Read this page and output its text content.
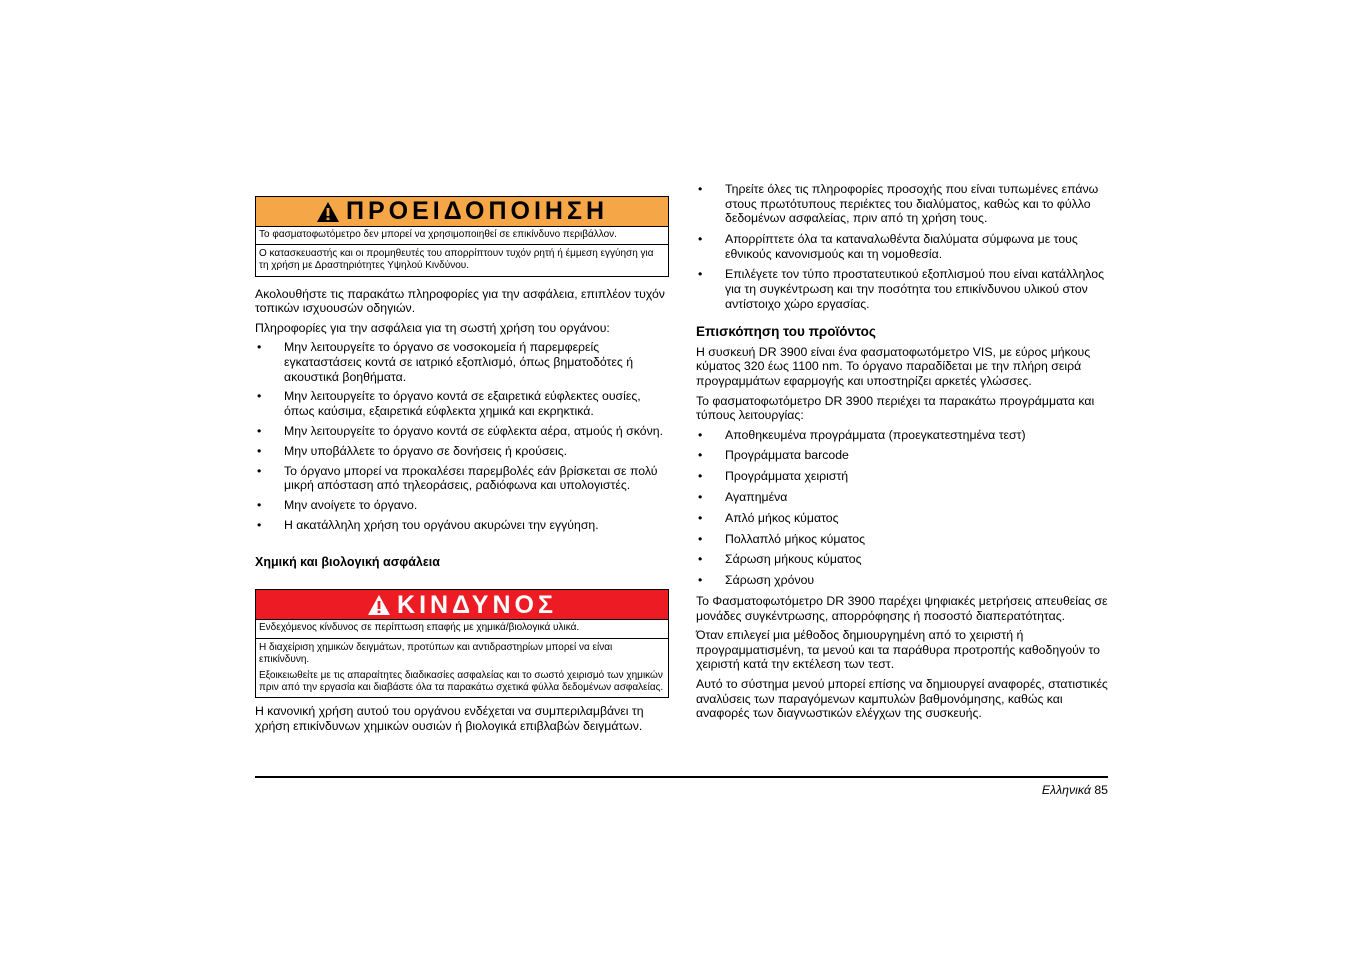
ΠΡΟΕΙΔΟΠΟΙΗΣΗ

Το φασματοφωτόμετρο δεν μπορεί να χρησιμοποιηθεί σε επικίνδυνο περιβάλλον.

Ο κατασκευαστής και οι προμηθευτές του απορρίπτουν τυχόν ρητή ή έμμεση εγγύηση για τη χρήση με Δραστηριότητες Υψηλού Κινδύνου.

Ακολουθήστε τις παρακάτω πληροφορίες για την ασφάλεια, επιπλέον τυχόν τοπικών ισχυουσών οδηγιών.

Πληροφορίες για την ασφάλεια για τη σωστή χρήση του οργάνου:

• Μην λειτουργείτε το όργανο σε νοσοκομεία ή παρεμφερείς εγκαταστάσεις κοντά σε ιατρικό εξοπλισμό, όπως βηματοδότες ή ακουστικά βοηθήματα.
• Μην λειτουργείτε το όργανο κοντά σε εξαιρετικά εύφλεκτες ουσίες, όπως καύσιμα, εξαιρετικά εύφλεκτα χημικά και εκρηκτικά.
• Μην λειτουργείτε το όργανο κοντά σε εύφλεκτα αέρα, ατμούς ή σκόνη.
• Μην υποβάλλετε το όργανο σε δονήσεις ή κρούσεις.
• Το όργανο μπορεί να προκαλέσει παρεμβολές εάν βρίσκεται σε πολύ μικρή απόσταση από τηλεοράσεις, ραδιόφωνα και υπολογιστές.
• Μην ανοίγετε το όργανο.
• Η ακατάλληλη χρήση του οργάνου ακυρώνει την εγγύηση.
Χημική και βιολογική ασφάλεια
ΚΙΝΔΥΝΟΣ

Ενδεχόμενος κίνδυνος σε περίπτωση επαφής με χημικά/βιολογικά υλικά.

Η διαχείριση χημικών δειγμάτων, προτύπων και αντιδραστηρίων μπορεί να είναι επικίνδυνη.

Εξοικειωθείτε με τις απαραίτητες διαδικασίες ασφαλείας και το σωστό χειρισμό των χημικών πριν από την εργασία και διαβάστε όλα τα παρακάτω σχετικά φύλλα δεδομένων ασφαλείας.

Η κανονική χρήση αυτού του οργάνου ενδέχεται να συμπεριλαμβάνει τη χρήση επικίνδυνων χημικών ουσιών ή βιολογικά επιβλαβών δειγμάτων.

• Τηρείτε όλες τις πληροφορίες προσοχής που είναι τυπωμένες επάνω στους πρωτότυπους περιέκτες του διαλύματος, καθώς και το φύλλο δεδομένων ασφαλείας, πριν από τη χρήση τους.
• Απορρίπτετε όλα τα καταναλωθέντα διαλύματα σύμφωνα με τους εθνικούς κανονισμούς και τη νομοθεσία.
• Επιλέγετε τον τύπο προστατευτικού εξοπλισμού που είναι κατάλληλος για τη συγκέντρωση και την ποσότητα του επικίνδυνου υλικού στον αντίστοιχο χώρο εργασίας.
Επισκόπηση του προϊόντος

Η συσκευή DR 3900 είναι ένα φασματοφωτόμετρο VIS, με εύρος μήκους κύματος 320 έως 1100 nm. Το όργανο παραδίδεται με την πλήρη σειρά προγραμμάτων εφαρμογής και υποστηρίζει αρκετές γλώσσες.

Το φασματοφωτόμετρο DR 3900 περιέχει τα παρακάτω προγράμματα και τύπους λειτουργίας:

• Αποθηκευμένα προγράμματα (προεγκατεστημένα τεστ)
• Προγράμματα barcode
• Προγράμματα χειριστή
• Αγαπημένα
• Απλό μήκος κύματος
• Πολλαπλό μήκος κύματος
• Σάρωση μήκους κύματος
• Σάρωση χρόνου

Το Φασματοφωτόμετρο DR 3900 παρέχει ψηφιακές μετρήσεις απευθείας σε μονάδες συγκέντρωσης, απορρόφησης ή ποσοστό διαπερατότητας.

Όταν επιλεγεί μια μέθοδος δημιουργημένη από το χειριστή ή προγραμματισμένη, τα μενού και τα παράθυρα προτροπής καθοδηγούν το χειριστή κατά την εκτέλεση των τεστ.

Αυτό το σύστημα μενού μπορεί επίσης να δημιουργεί αναφορές, στατιστικές αναλύσεις των παραγόμενων καμπυλών βαθμονόμησης, καθώς και αναφορές των διαγνωστικών ελέγχων της συσκευής.

Ελληνικά 85
